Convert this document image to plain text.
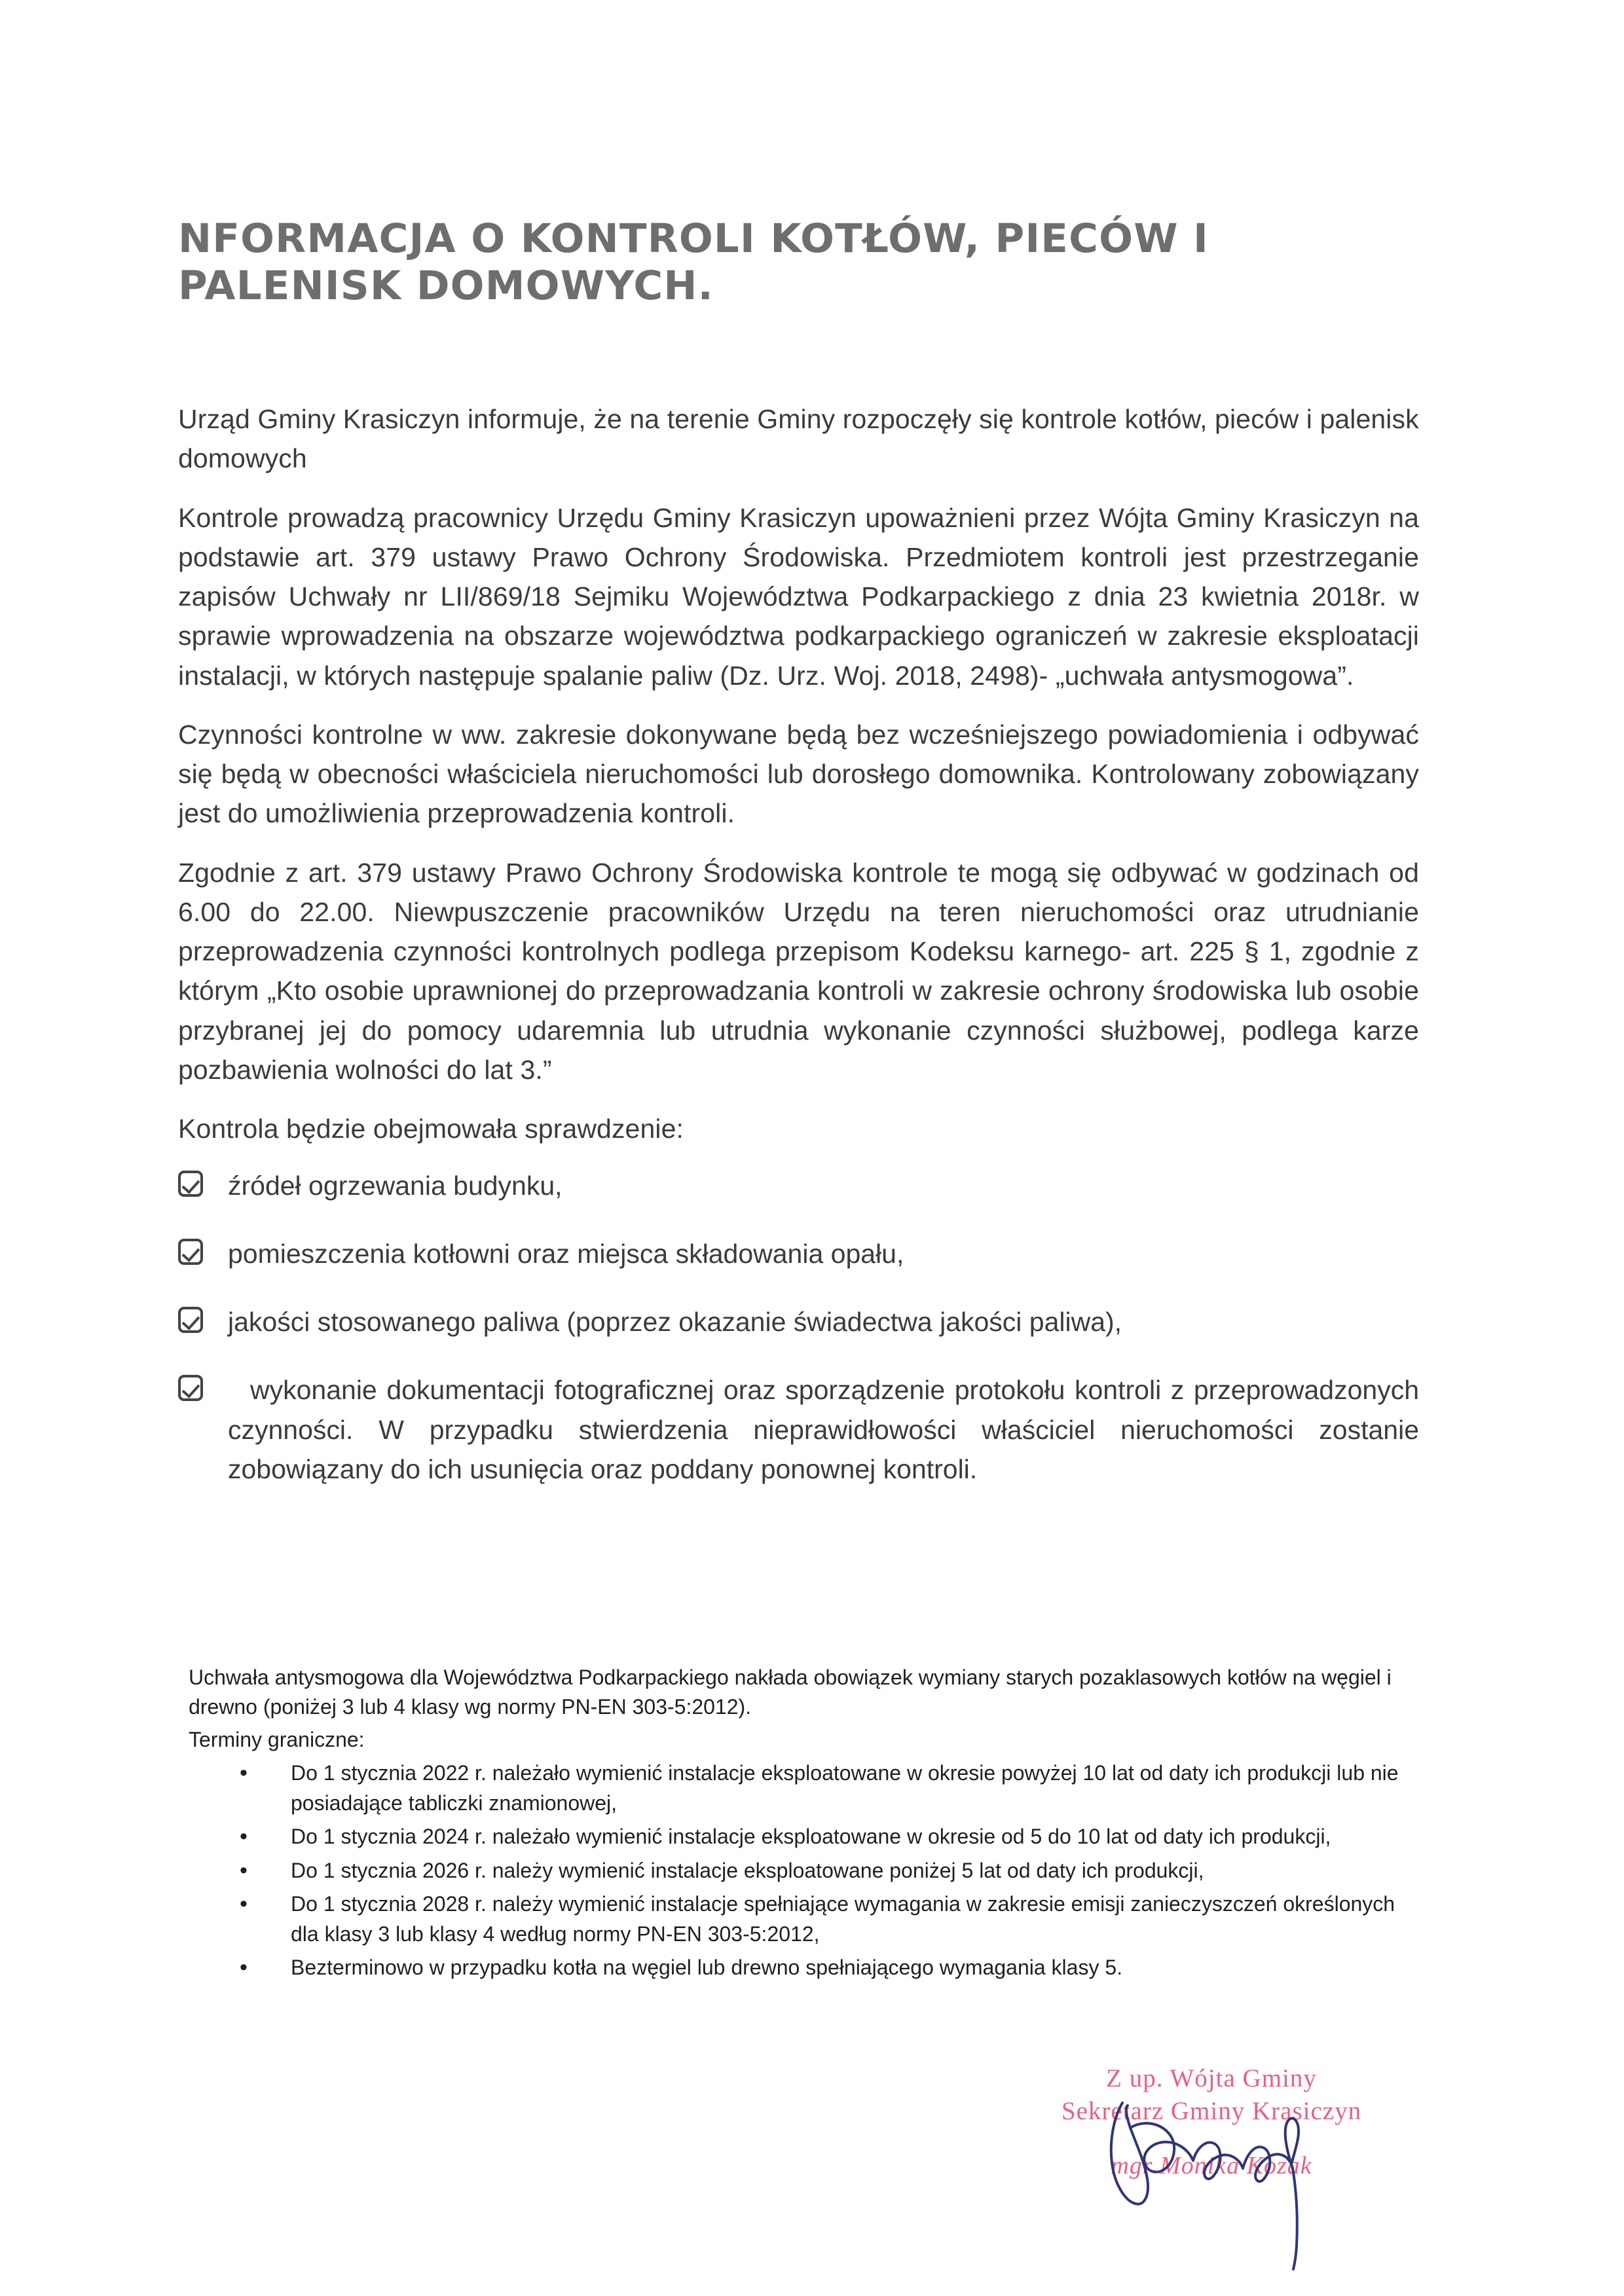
NFORMACJA O KONTROLI KOTŁÓW, PIECÓW I PALENISK DOMOWYCH.

Urząd Gminy Krasiczyn informuje, że na terenie Gminy rozpoczęły się kontrole kotłów, pieców i palenisk domowych

Kontrole prowadzą pracownicy Urzędu Gminy Krasiczyn upoważnieni przez Wójta Gminy Krasiczyn na podstawie art. 379 ustawy Prawo Ochrony Środowiska. Przedmiotem kontroli jest przestrzeganie zapisów Uchwały nr LII/869/18 Sejmiku Województwa Podkarpackiego z dnia 23 kwietnia 2018r. w sprawie wprowadzenia na obszarze województwa podkarpackiego ograniczeń w zakresie eksploatacji instalacji, w których następuje spalanie paliw (Dz. Urz. Woj. 2018, 2498)- „uchwała antysmogowa”.

Czynności kontrolne w ww. zakresie dokonywane będą bez wcześniejszego powiadomienia i odbywać się będą w obecności właściciela nieruchomości lub dorosłego domownika. Kontrolowany zobowiązany jest do umożliwienia przeprowadzenia kontroli.

Zgodnie z art. 379 ustawy Prawo Ochrony Środowiska kontrole te mogą się odbywać w godzinach od 6.00 do 22.00. Niewpuszczenie pracowników Urzędu na teren nieruchomości oraz utrudnianie przeprowadzenia czynności kontrolnych podlega przepisom Kodeksu karnego- art. 225 § 1, zgodnie z którym „Kto osobie uprawnionej do przeprowadzania kontroli w zakresie ochrony środowiska lub osobie przybranej jej do pomocy udaremnia lub utrudnia wykonanie czynności służbowej, podlega karze pozbawienia wolności do lat 3.”

Kontrola będzie obejmowała sprawdzenie:

źródeł ogrzewania budynku,
pomieszczenia kotłowni oraz miejsca składowania opału,
jakości stosowanego paliwa (poprzez okazanie świadectwa jakości paliwa),
wykonanie dokumentacji fotograficznej oraz sporządzenie protokołu kontroli z przeprowadzonych czynności. W przypadku stwierdzenia nieprawidłowości właściciel nieruchomości zostanie zobowiązany do ich usunięcia oraz poddany ponownej kontroli.

Uchwała antysmogowa dla Województwa Podkarpackiego nakłada obowiązek wymiany starych pozaklasowych kotłów na węgiel i drewno (poniżej 3 lub 4 klasy wg normy PN-EN 303-5:2012).

Terminy graniczne:

• Do 1 stycznia 2022 r. należało wymienić instalacje eksploatowane w okresie powyżej 10 lat od daty ich produkcji lub nie posiadające tabliczki znamionowej,
• Do 1 stycznia 2024 r. należało wymienić instalacje eksploatowane w okresie od 5 do 10 lat od daty ich produkcji,
• Do 1 stycznia 2026 r. należy wymienić instalacje eksploatowane poniżej 5 lat od daty ich produkcji,
• Do 1 stycznia 2028 r. należy wymienić instalacje spełniające wymagania w zakresie emisji zanieczyszczeń określonych dla klasy 3 lub klasy 4 według normy PN-EN 303-5:2012,
• Bezterminowo w przypadku kotła na węgiel lub drewno spełniającego wymagania klasy 5.
Z up. Wójta Gminy
Sekretarz Gminy Krasiczyn
mgr Monika Kozak
